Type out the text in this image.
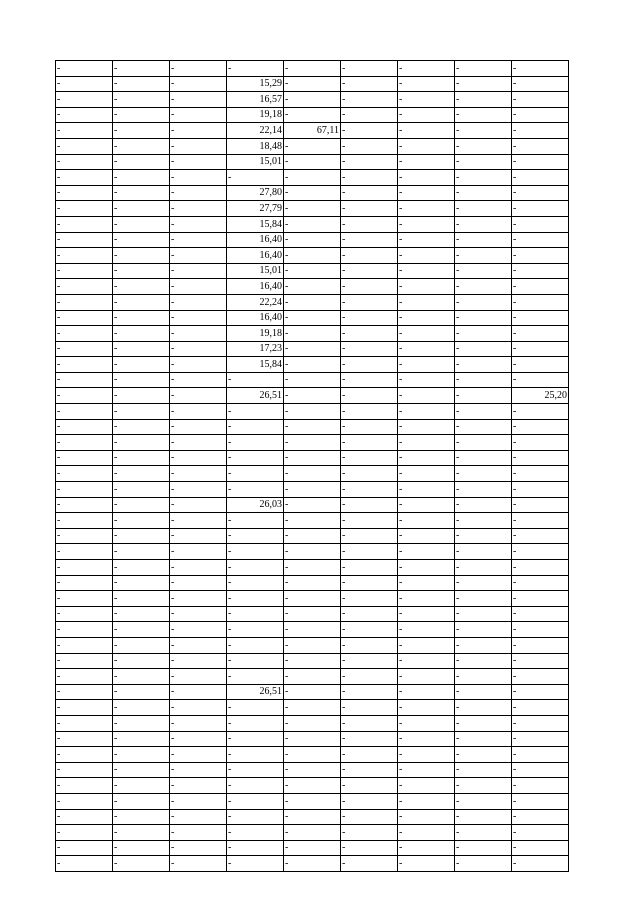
-	-	-	-	-	-	-	-	-
-	-	-	15,29	-	-	-	-	-
-	-	-	16,57	-	-	-	-	-
-	-	-	19,18	-	-	-	-	-
-	-	-	22,14	67,11	-	-	-	-
-	-	-	18,48	-	-	-	-	-
-	-	-	15,01	-	-	-	-	-
-	-	-	-	-	-	-	-	-
-	-	-	27,80	-	-	-	-	-
-	-	-	27,79	-	-	-	-	-
-	-	-	15,84	-	-	-	-	-
-	-	-	16,40	-	-	-	-	-
-	-	-	16,40	-	-	-	-	-
-	-	-	15,01	-	-	-	-	-
-	-	-	16,40	-	-	-	-	-
-	-	-	22,24	-	-	-	-	-
-	-	-	16,40	-	-	-	-	-
-	-	-	19,18	-	-	-	-	-
-	-	-	17,23	-	-	-	-	-
-	-	-	15,84	-	-	-	-	-
-	-	-	-	-	-	-	-	-
-	-	-	26,51	-	-	-	-	25,20
-	-	-	-	-	-	-	-	-
-	-	-	-	-	-	-	-	-
-	-	-	-	-	-	-	-	-
-	-	-	-	-	-	-	-	-
-	-	-	-	-	-	-	-	-
-	-	-	-	-	-	-	-	-
-	-	-	26,03	-	-	-	-	-
-	-	-	-	-	-	-	-	-
-	-	-	-	-	-	-	-	-
-	-	-	-	-	-	-	-	-
-	-	-	-	-	-	-	-	-
-	-	-	-	-	-	-	-	-
-	-	-	-	-	-	-	-	-
-	-	-	-	-	-	-	-	-
-	-	-	-	-	-	-	-	-
-	-	-	-	-	-	-	-	-
-	-	-	-	-	-	-	-	-
-	-	-	-	-	-	-	-	-
-	-	-	26,51	-	-	-	-	-
-	-	-	-	-	-	-	-	-
-	-	-	-	-	-	-	-	-
-	-	-	-	-	-	-	-	-
-	-	-	-	-	-	-	-	-
-	-	-	-	-	-	-	-	-
-	-	-	-	-	-	-	-	-
-	-	-	-	-	-	-	-	-
-	-	-	-	-	-	-	-	-
-	-	-	-	-	-	-	-	-
-	-	-	-	-	-	-	-	-
-	-	-	-	-	-	-	-	-
